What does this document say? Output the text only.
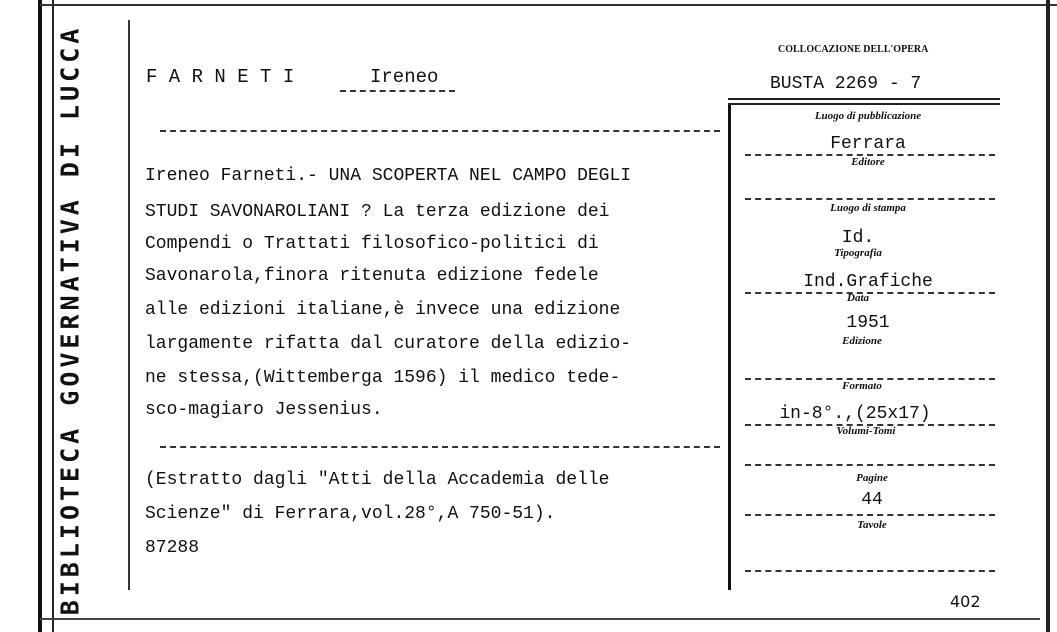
BIBLIOTECA GOVERNATIVA DI LUCCA	F A R N E T I	Ireneo
COLLOCAZIONE DELL'OPERA
BUSTA 2269 - 7
Ireneo Farneti.- UNA SCOPERTA NEL CAMPO DEGLI
STUDI SAVONAROLIANI ? La terza edizione dei
Compendi o Trattati filosofico-politici di
Savonarola,finora ritenuta edizione fedele
alle edizioni italiane,è invece una edizione
largamente rifatta dal curatore della edizio-
ne stessa,(Wittemberga 1596) il medico tede-
sco-magiaro Jessenius.
(Estratto dagli "Atti della Accademia delle
Scienze" di Ferrara,vol.28°,A 750-51).
87288
Luogo di pubblicazione
Ferrara
Editore
Luogo di stampa
Id.
Tipografia
Ind.Grafiche
Data
1951
Edizione
Formato
in-8°.,(25x17)
Volumi-Tomi
Pagine
44
Tavole
402
